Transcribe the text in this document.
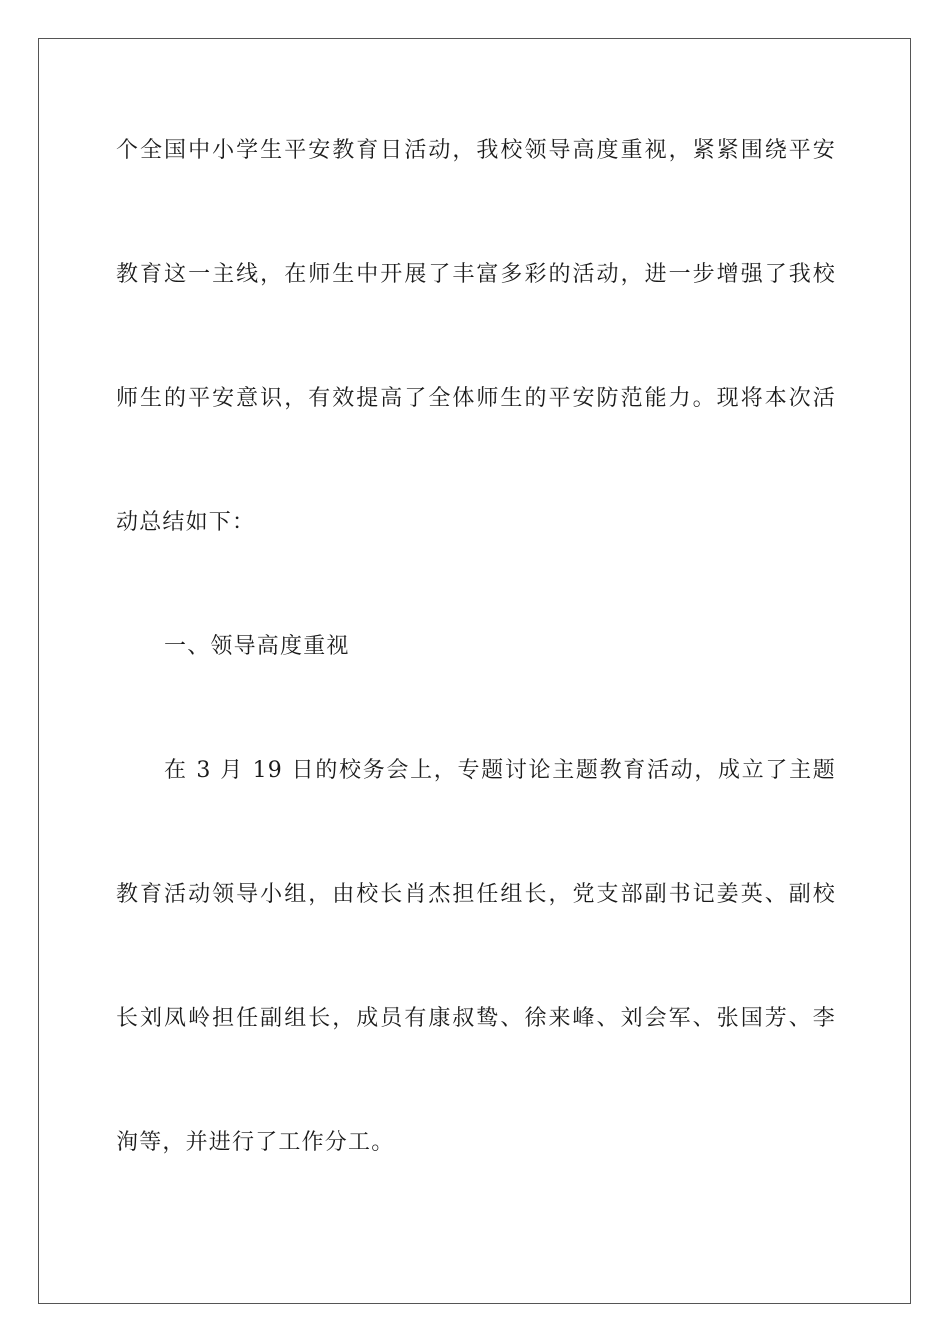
个全国中小学生平安教育日活动，我校领导高度重视，紧紧围绕平安
教育这一主线，在师生中开展了丰富多彩的活动，进一步增强了我校
师生的平安意识，有效提高了全体师生的平安防范能力。现将本次活
动总结如下：
一、领导高度重视
在 3 月 19 日的校务会上，专题讨论主题教育活动，成立了主题
教育活动领导小组，由校长肖杰担任组长，党支部副书记姜英、副校
长刘凤岭担任副组长，成员有康叔鸷、徐来峰、刘会军、张国芳、李
洵等，并进行了工作分工。
